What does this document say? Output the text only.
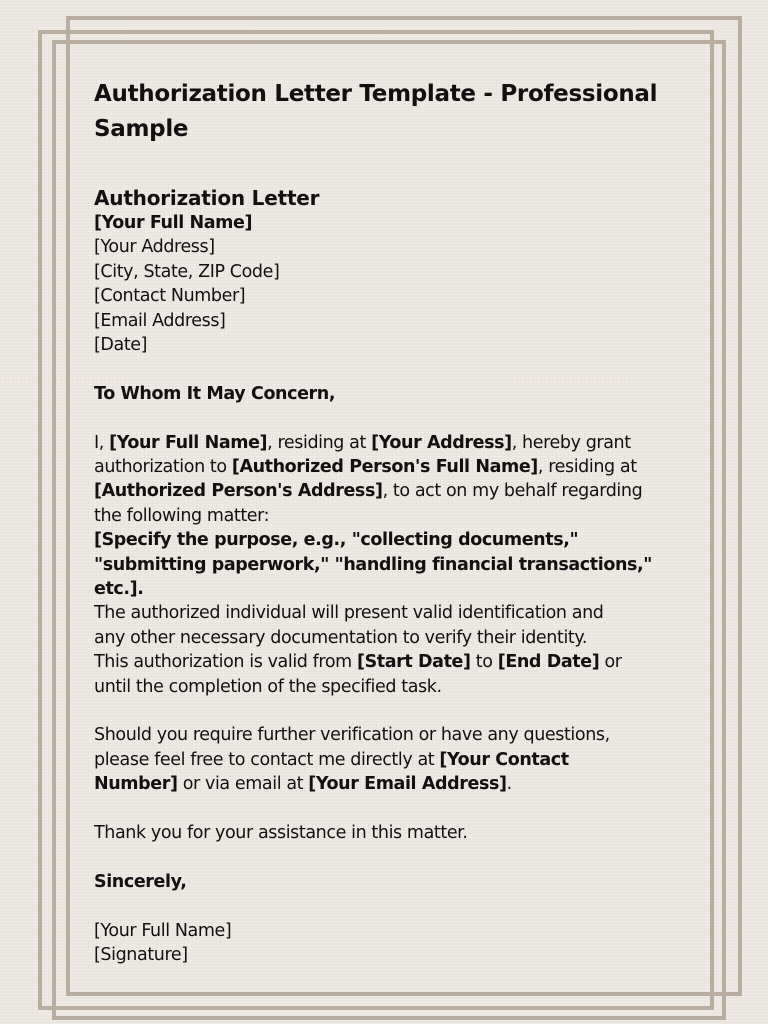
Authorization Letter Template - Professional
Sample
Authorization Letter
[Your Full Name]
[Your Address]
[City, State, ZIP Code]
[Contact Number]
[Email Address]
[Date]
To Whom It May Concern,
I, [Your Full Name], residing at [Your Address], hereby grant
authorization to [Authorized Person's Full Name], residing at
[Authorized Person's Address], to act on my behalf regarding
the following matter:
[Specify the purpose, e.g., "collecting documents,"
"submitting paperwork," "handling financial transactions,"
etc.].
The authorized individual will present valid identification and
any other necessary documentation to verify their identity.
This authorization is valid from [Start Date] to [End Date] or
until the completion of the specified task.
Should you require further verification or have any questions,
please feel free to contact me directly at [Your Contact
Number] or via email at [Your Email Address].
Thank you for your assistance in this matter.
Sincerely,
[Your Full Name]
[Signature]
